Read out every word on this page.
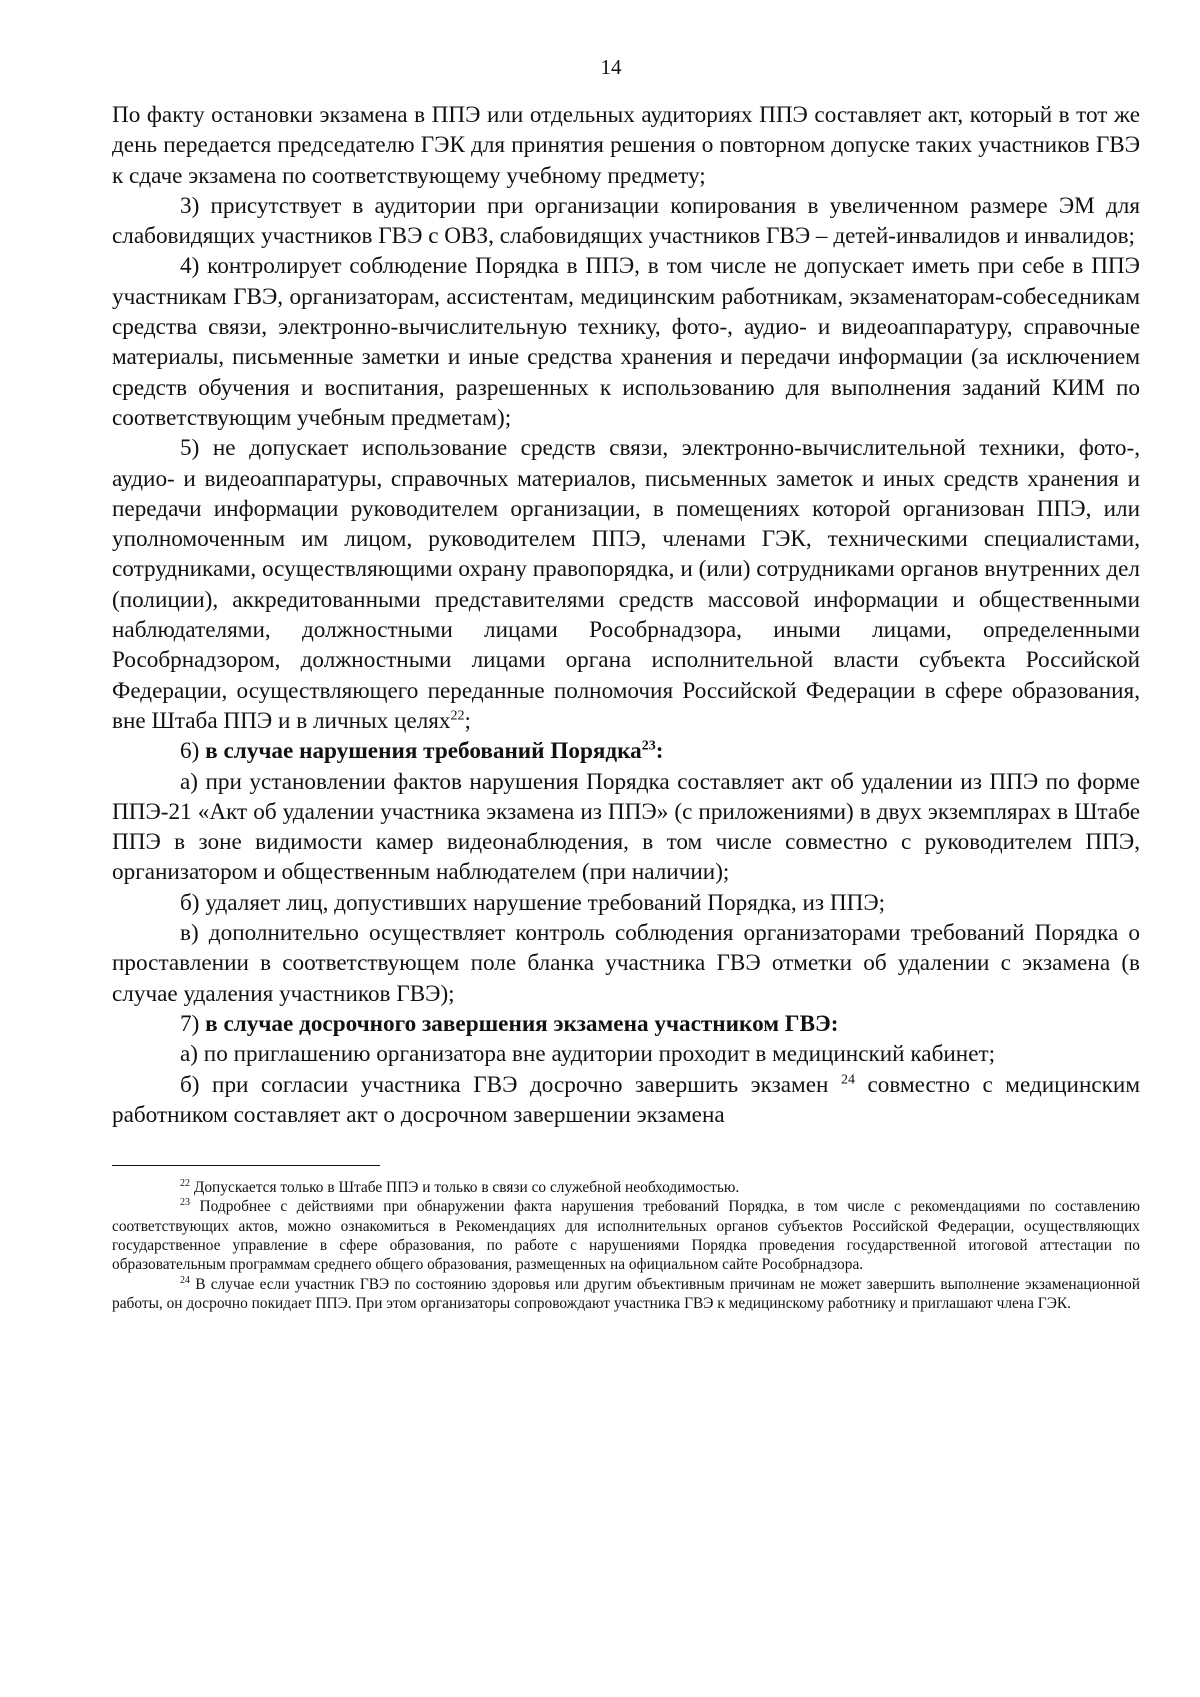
14

По факту остановки экзамена в ППЭ или отдельных аудиториях ППЭ составляет акт, который в тот же день передается председателю ГЭК для принятия решения о повторном допуске таких участников ГВЭ к сдаче экзамена по соответствующему учебному предмету;

3) присутствует в аудитории при организации копирования в увеличенном размере ЭМ для слабовидящих участников ГВЭ с ОВЗ, слабовидящих участников ГВЭ – детей-инвалидов и инвалидов;

4) контролирует соблюдение Порядка в ППЭ, в том числе не допускает иметь при себе в ППЭ участникам ГВЭ, организаторам, ассистентам, медицинским работникам, экзаменаторам-собеседникам средства связи, электронно-вычислительную технику, фото-, аудио- и видеоаппаратуру, справочные материалы, письменные заметки и иные средства хранения и передачи информации (за исключением средств обучения и воспитания, разрешенных к использованию для выполнения заданий КИМ по соответствующим учебным предметам);

5) не допускает использование средств связи, электронно-вычислительной техники, фото-, аудио- и видеоаппаратуры, справочных материалов, письменных заметок и иных средств хранения и передачи информации руководителем организации, в помещениях которой организован ППЭ, или уполномоченным им лицом, руководителем ППЭ, членами ГЭК, техническими специалистами, сотрудниками, осуществляющими охрану правопорядка, и (или) сотрудниками органов внутренних дел (полиции), аккредитованными представителями средств массовой информации и общественными наблюдателями, должностными лицами Рособрнадзора, иными лицами, определенными Рособрнадзором, должностными лицами органа исполнительной власти субъекта Российской Федерации, осуществляющего переданные полномочия Российской Федерации в сфере образования, вне Штаба ППЭ и в личных целях$^{22}$;

6) в случае нарушения требований Порядка$^{23}$:

а) при установлении фактов нарушения Порядка составляет акт об удалении из ППЭ по форме ППЭ-21 «Акт об удалении участника экзамена из ППЭ» (с приложениями) в двух экземплярах в Штабе ППЭ в зоне видимости камер видеонаблюдения, в том числе совместно с руководителем ППЭ, организатором и общественным наблюдателем (при наличии);

б) удаляет лиц, допустивших нарушение требований Порядка, из ППЭ;

в) дополнительно осуществляет контроль соблюдения организаторами требований Порядка о проставлении в соответствующем поле бланка участника ГВЭ отметки об удалении с экзамена (в случае удаления участников ГВЭ);

7) в случае досрочного завершения экзамена участником ГВЭ:

а) по приглашению организатора вне аудитории проходит в медицинский кабинет;

б) при согласии участника ГВЭ досрочно завершить экзамен $^{24}$ совместно с медицинским работником составляет акт о досрочном завершении экзамена

$^{22}$ Допускается только в Штабе ППЭ и только в связи со служебной необходимостью.

$^{23}$ Подробнее с действиями при обнаружении факта нарушения требований Порядка, в том числе с рекомендациями по составлению соответствующих актов, можно ознакомиться в Рекомендациях для исполнительных органов субъектов Российской Федерации, осуществляющих государственное управление в сфере образования, по работе с нарушениями Порядка проведения государственной итоговой аттестации по образовательным программам среднего общего образования, размещенных на официальном сайте Рособрнадзора.

$^{24}$ В случае если участник ГВЭ по состоянию здоровья или другим объективным причинам не может завершить выполнение экзаменационной работы, он досрочно покидает ППЭ. При этом организаторы сопровождают участника ГВЭ к медицинскому работнику и приглашают члена ГЭК.
